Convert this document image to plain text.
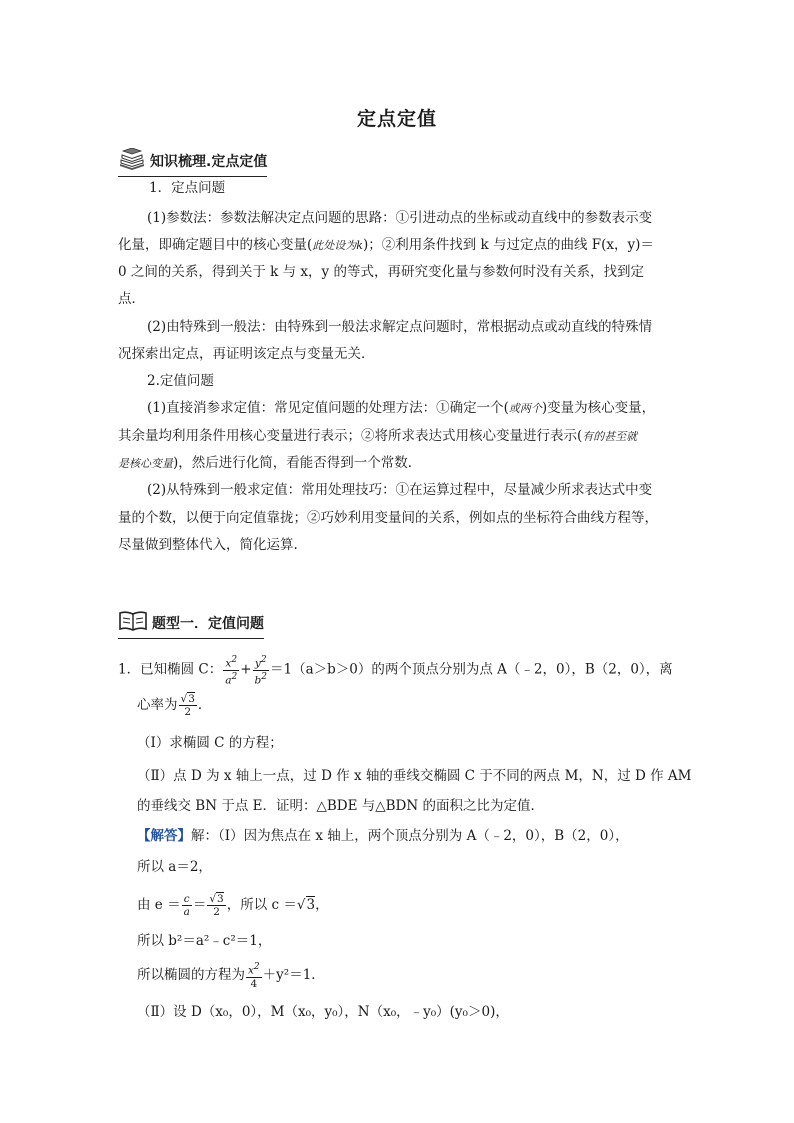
定点定值
知识梳理.定点定值
1．定点问题
(1)参数法：参数法解决定点问题的思路：①引进动点的坐标或动直线中的参数表示变
化量，即确定题目中的核心变量(此处设为k)；②利用条件找到 k 与过定点的曲线 F(x，y)＝
0 之间的关系，得到关于 k 与 x，y 的等式，再研究变化量与参数何时没有关系，找到定
点．
(2)由特殊到一般法：由特殊到一般法求解定点问题时，常根据动点或动直线的特殊情
况探索出定点，再证明该定点与变量无关．
2.定值问题
(1)直接消参求定值：常见定值问题的处理方法：①确定一个(或两个)变量为核心变量，
其余量均利用条件用核心变量进行表示；②将所求表达式用核心变量进行表示(有的甚至就
是核心变量)，然后进行化简，看能否得到一个常数．
(2)从特殊到一般求定值：常用处理技巧：①在运算过程中，尽量减少所求表达式中变
量的个数，以便于向定值靠拢；②巧妙利用变量间的关系，例如点的坐标符合曲线方程等，
尽量做到整体代入，简化运算.
题型一．定值问题
1．已知椭圆 C： $\frac{x^2}{a^2} + \frac{y^2}{b^2} =1(a>b>0)$的两个顶点分别为点 A（﹣2，0），B（2，0），离
心率为 $\frac{√3}{2}$ ．
（Ⅰ）求椭圆 C 的方程；
（Ⅱ）点 D 为 x 轴上一点，过 D 作 x 轴的垂线交椭圆 C 于不同的两点 M，N，过 D 作 AM
的垂线交 BN 于点 E．证明：△BDE 与△BDN 的面积之比为定值．
【解答】解：（Ⅰ）因为焦点在 x 轴上，两个顶点分别为 A（﹣2，0），B（2，0），
所以 a＝2，
由 $e = \frac{c}{a} = \frac{√3}{2}$ ，所以 c ＝√3，
所以 b²＝a²﹣c²＝1，
所以椭圆的方程为 $\frac{x^2}{4} +y^2=1$．
（Ⅱ）设 D（x₀，0），M（x₀，y₀），N（x₀，﹣y₀）(y₀＞0)，
